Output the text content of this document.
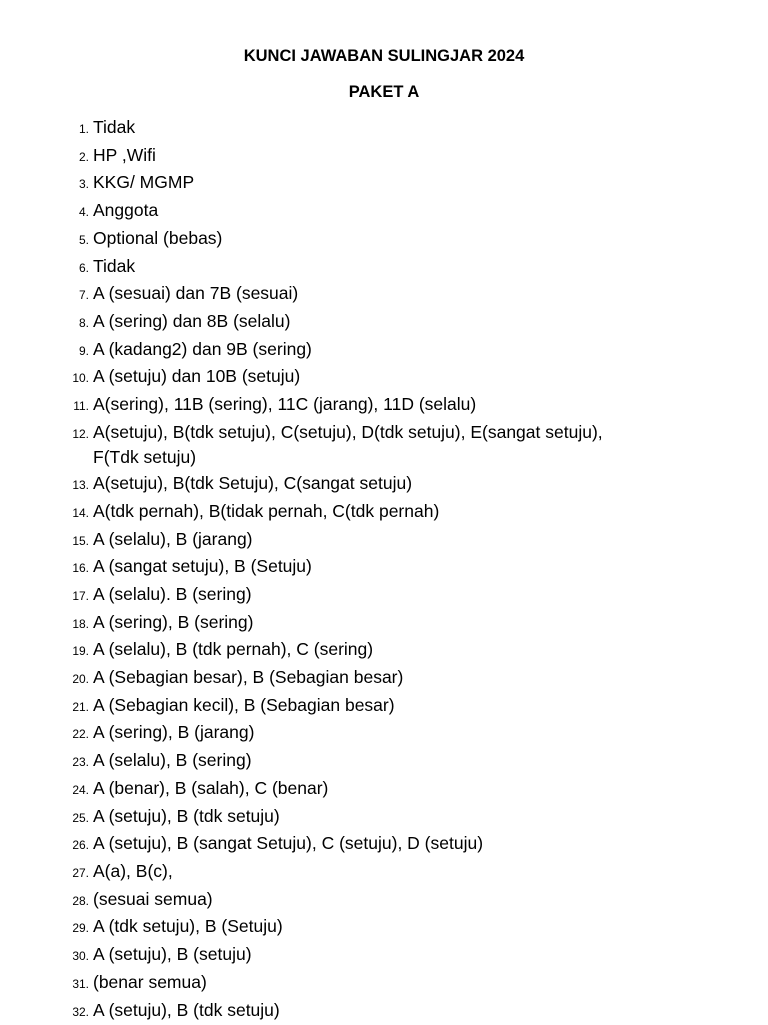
KUNCI JAWABAN SULINGJAR 2024
PAKET A
1. Tidak
2. HP ,Wifi
3. KKG/ MGMP
4. Anggota
5. Optional (bebas)
6. Tidak
7. A (sesuai) dan 7B (sesuai)
8. A (sering) dan 8B (selalu)
9. A (kadang2) dan 9B (sering)
10. A (setuju) dan 10B (setuju)
11. A(sering), 11B (sering), 11C (jarang), 11D (selalu)
12. A(setuju), B(tdk setuju), C(setuju), D(tdk setuju), E(sangat setuju),
F(Tdk setuju)
13. A(setuju), B(tdk Setuju), C(sangat setuju)
14. A(tdk pernah), B(tidak pernah, C(tdk pernah)
15. A (selalu), B (jarang)
16. A (sangat setuju), B (Setuju)
17. A (selalu). B (sering)
18. A (sering), B (sering)
19. A (selalu), B (tdk pernah), C (sering)
20. A (Sebagian besar), B (Sebagian besar)
21. A (Sebagian kecil), B (Sebagian besar)
22. A (sering), B (jarang)
23. A (selalu), B (sering)
24. A (benar), B (salah), C (benar)
25. A (setuju), B (tdk setuju)
26. A (setuju), B (sangat Setuju), C (setuju), D (setuju)
27. A(a), B(c),
28. (sesuai semua)
29. A (tdk setuju), B (Setuju)
30. A (setuju), B (setuju)
31. (benar semua)
32. A (setuju), B (tdk setuju)
